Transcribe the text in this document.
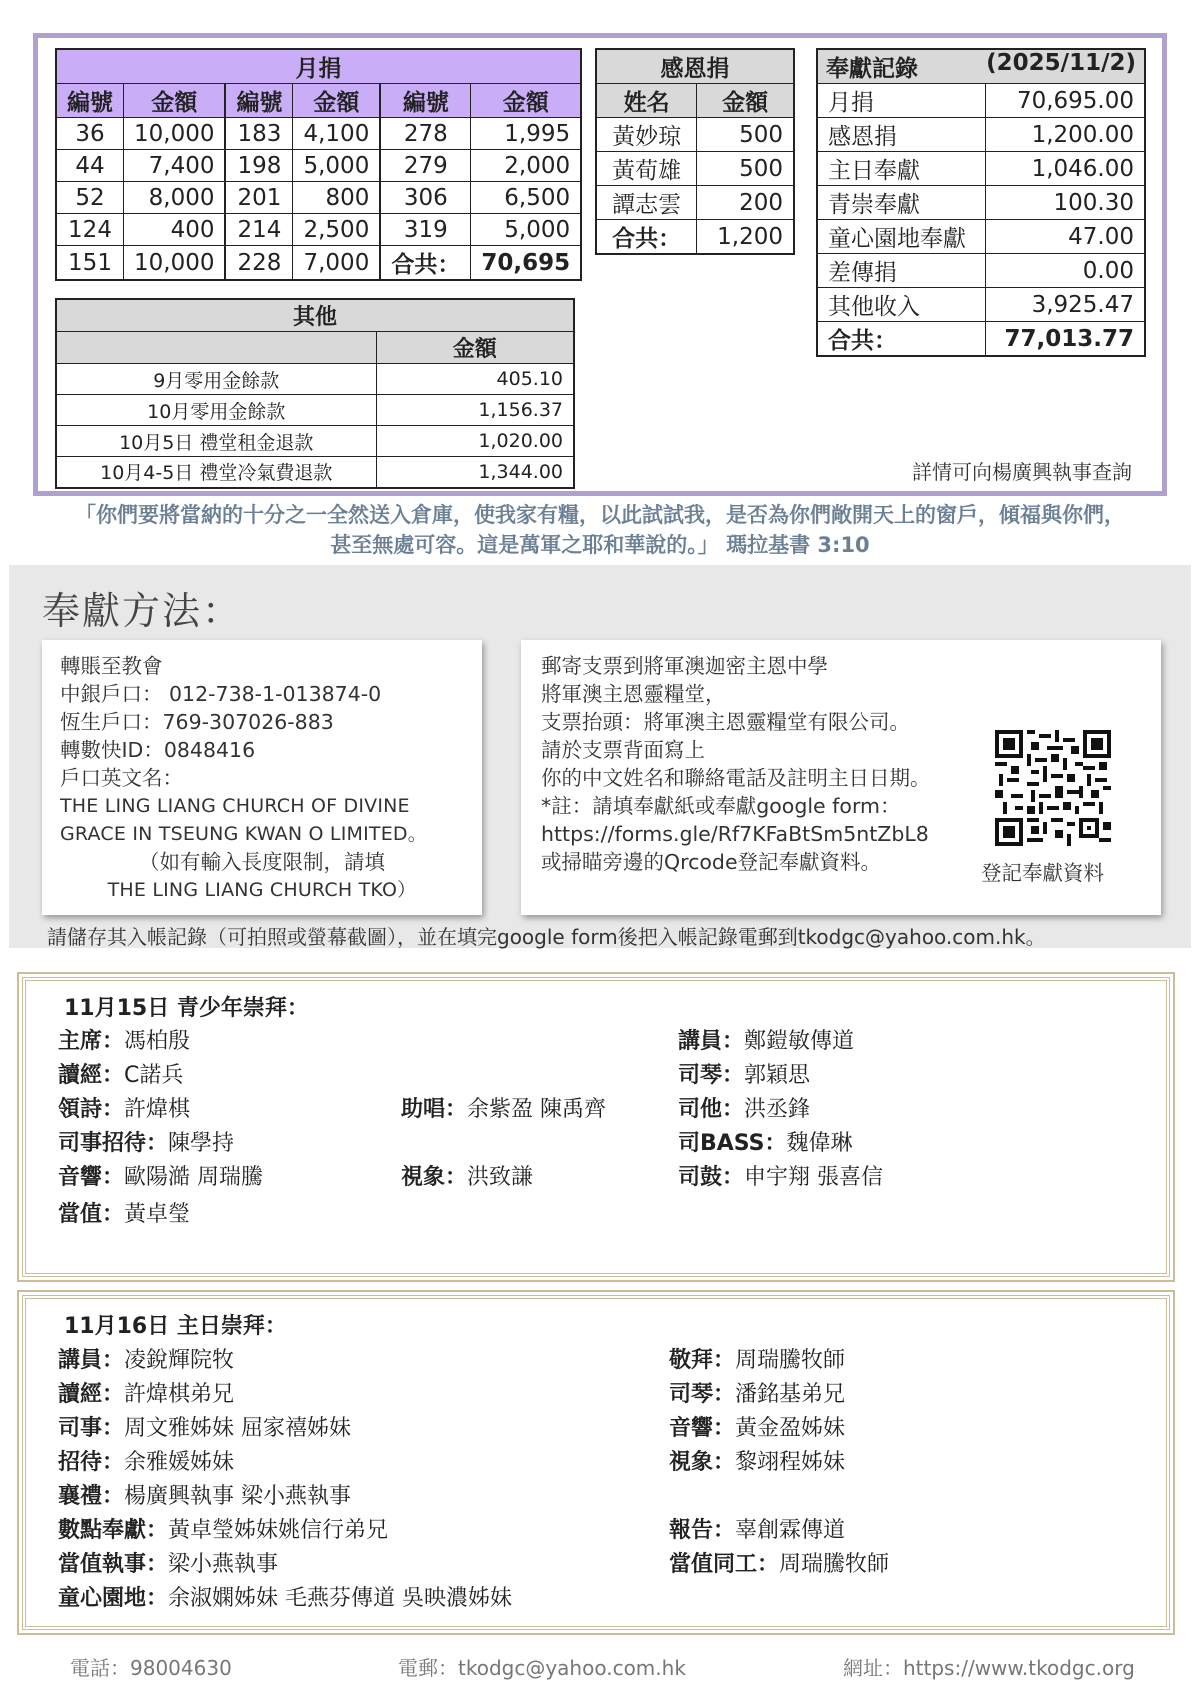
月捐					
編號	金額	編號	金額	編號	金額
36	10,000	183	4,100	278	1,995
44	7,400	198	5,000	279	2,000
52	8,000	201	800	306	6,500
124	400	214	2,500	319	5,000
151	10,000	228	7,000	合共：	70,695
感恩捐	
姓名	金額
黃妙琼	500
黃荀雄	500
譚志雲	200
合共：	1,200
奉獻記錄 (2025/11/2)	

月捐	70,695.00
感恩捐	1,200.00
主日奉獻	1,046.00
青崇奉獻	100.30
童心園地奉獻	47.00
差傳捐	0.00
其他收入	3,925.47
合共：	77,013.77
其他	
	金額
9月零用金餘款	405.10
10月零用金餘款	1,156.37
10月5日 禮堂租金退款	1,020.00
10月4-5日 禮堂冷氣費退款	1,344.00	詳情可向楊廣興執事查詢
「你們要將當納的十分之一全然送入倉庫，使我家有糧，以此試試我，是否為你們敞開天上的窗戶，傾福與你們，
甚至無處可容。這是萬軍之耶和華說的。」 瑪拉基書 3:10
奉獻方法：

轉賬至教會

中銀戶口： 012-738-1-013874-0

恆生戶口：769-307026-883

轉數快ID：0848416

戶口英文名：

THE LING LIANG CHURCH OF DIVINE

GRACE IN TSEUNG KWAN O LIMITED。

（如有輸入長度限制，請填

THE LING LIANG CHURCH TKO）

郵寄支票到將軍澳迦密主恩中學

將軍澳主恩靈糧堂，

支票抬頭：將軍澳主恩靈糧堂有限公司。

請於支票背面寫上

你的中文姓名和聯絡電話及註明主日日期。

*註：請填奉獻紙或奉獻google form：

https://forms.gle/Rf7KFaBtSm5ntZbL8

或掃瞄旁邊的Qrcode登記奉獻資料。	登記奉獻資料
請儲存其入帳記錄（可拍照或螢幕截圖），並在填完google form後把入帳記錄電郵到tkodgc@yahoo.com.hk。
11月15日 青少年崇拜：
主席：馮柏殷	講員：鄭鎧敏傳道
讀經：C諾兵	司琴：郭穎思
領詩：許煒棋	助唱：余紫盈 陳禹齊	司他：洪丞鋒
司事招待：陳學持	司BASS：魏偉琳
音響：歐陽澔 周瑞騰	視象：洪致謙	司鼓：申宇翔 張喜信
當值：黃卓瑩
11月16日 主日崇拜：
講員：凌銳輝院牧	敬拜：周瑞騰牧師
讀經：許煒棋弟兄	司琴：潘銘基弟兄
司事：周文雅姊妹 屈家禧姊妹	音響：黃金盈姊妹
招待：余雅媛姊妹	視象：黎翊程姊妹
襄禮：楊廣興執事 梁小燕執事
數點奉獻：黃卓瑩姊妹姚信行弟兄	報告：辜創霖傳道
當值執事：梁小燕執事	當值同工：周瑞騰牧師
童心園地：余淑嫻姊妹 毛燕芬傳道 吳映濃姊妹
電話：98004630	電郵：tkodgc@yahoo.com.hk	網址：https://www.tkodgc.org
